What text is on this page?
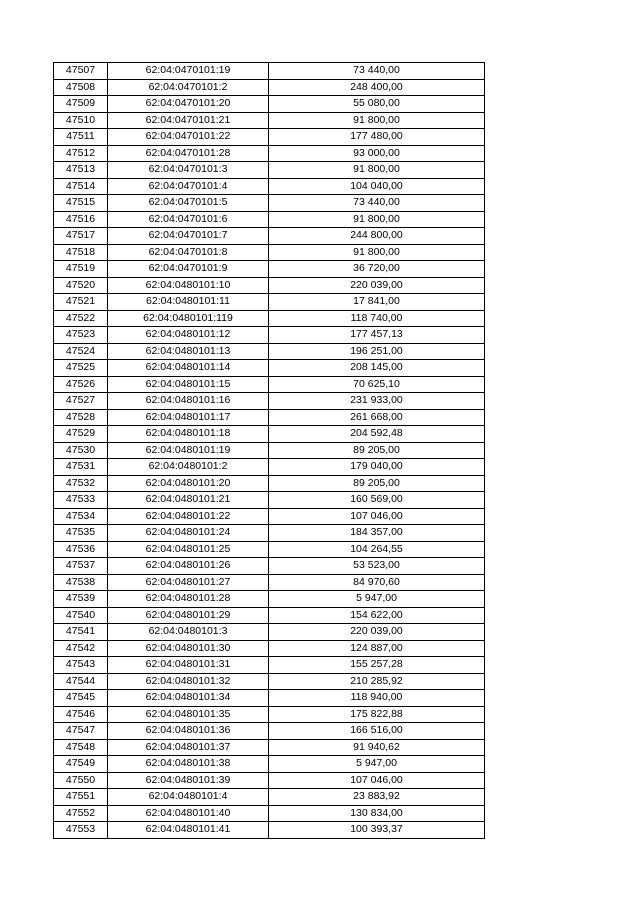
47507	62:04:0470101:19	73 440,00
47508	62:04:0470101:2	248 400,00
47509	62:04:0470101:20	55 080,00
47510	62:04:0470101:21	91 800,00
47511	62:04:0470101:22	177 480,00
47512	62:04:0470101:28	93 000,00
47513	62:04:0470101:3	91 800,00
47514	62:04:0470101:4	104 040,00
47515	62:04:0470101:5	73 440,00
47516	62:04:0470101:6	91 800,00
47517	62:04:0470101:7	244 800,00
47518	62:04:0470101:8	91 800,00
47519	62:04:0470101:9	36 720,00
47520	62:04:0480101:10	220 039,00
47521	62:04:0480101:11	17 841,00
47522	62:04:0480101:119	118 740,00
47523	62:04:0480101:12	177 457,13
47524	62:04:0480101:13	196 251,00
47525	62:04:0480101:14	208 145,00
47526	62:04:0480101:15	70 625,10
47527	62:04:0480101:16	231 933,00
47528	62:04:0480101:17	261 668,00
47529	62:04:0480101:18	204 592,48
47530	62:04:0480101:19	89 205,00
47531	62:04:0480101:2	179 040,00
47532	62:04:0480101:20	89 205,00
47533	62:04:0480101:21	160 569,00
47534	62:04:0480101:22	107 046,00
47535	62:04:0480101:24	184 357,00
47536	62:04:0480101:25	104 264,55
47537	62:04:0480101:26	53 523,00
47538	62:04:0480101:27	84 970,60
47539	62:04:0480101:28	5 947,00
47540	62:04:0480101:29	154 622,00
47541	62:04:0480101:3	220 039,00
47542	62:04:0480101:30	124 887,00
47543	62:04:0480101:31	155 257,28
47544	62:04:0480101:32	210 285,92
47545	62:04:0480101:34	118 940,00
47546	62:04:0480101:35	175 822,88
47547	62:04:0480101:36	166 516,00
47548	62:04:0480101:37	91 940,62
47549	62:04:0480101:38	5 947,00
47550	62:04:0480101:39	107 046,00
47551	62:04:0480101:4	23 883,92
47552	62:04:0480101:40	130 834,00
47553	62:04:0480101:41	100 393,37
